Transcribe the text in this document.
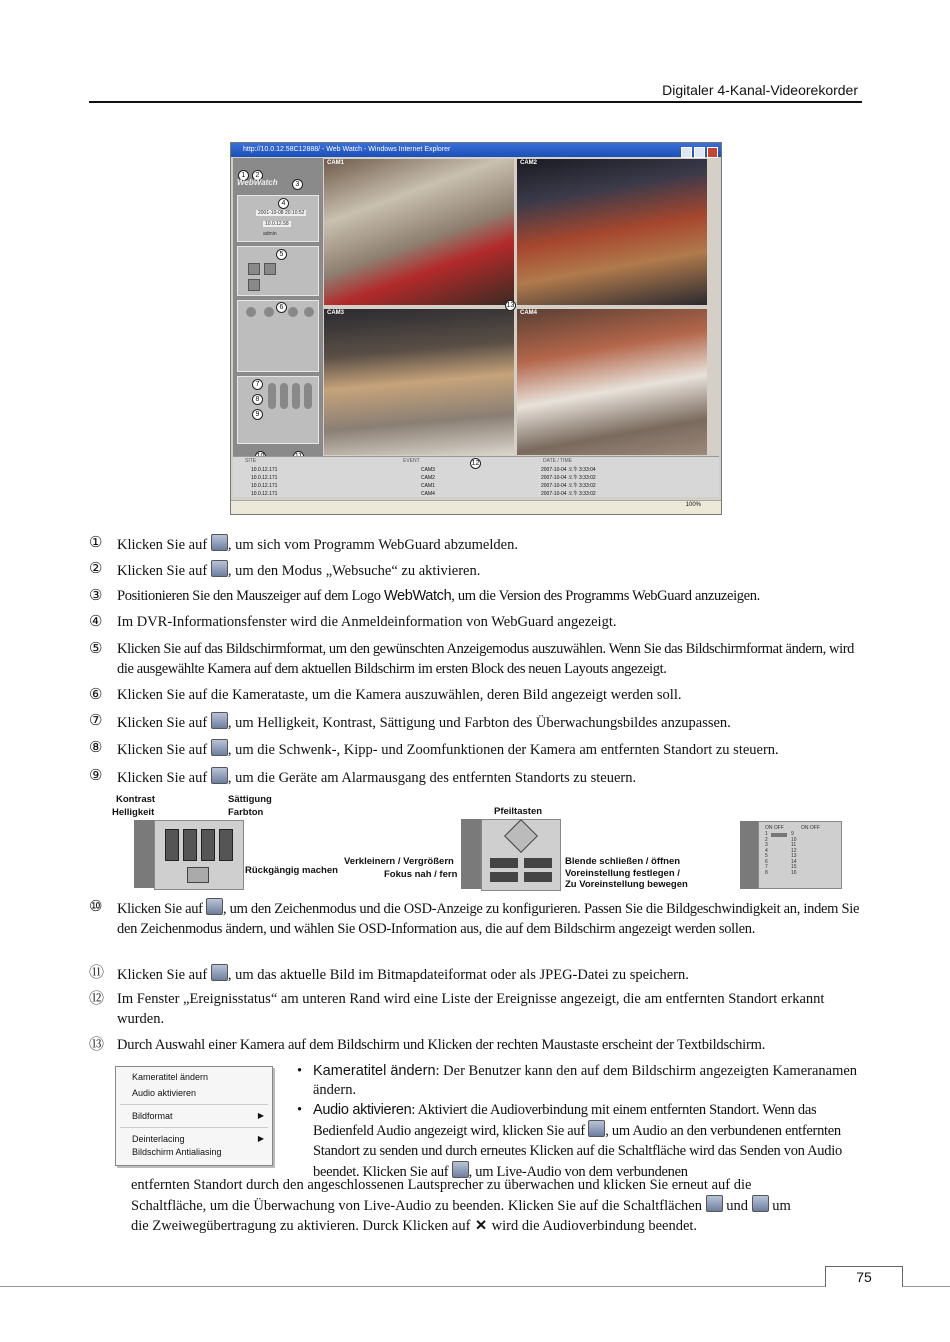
Digitaler 4-Kanal-Videorekorder
http://10.0.12.58C12888/ - Web Watch - Windows Internet Explorer
1	2
WebWatch	3
4
2001-10-08 20:10:52
10.0.12.58
admin
5
6
7
8
9
CAM1	CAM2
CAM3	CAM4
13
SITE	EVENT	DATE / TIME
12
10.0.12.171	CAM3	2007-10-04 오후 3:33:04
10.0.12.171	CAM2	2007-10-04 오후 3:33:02
10.0.12.171	CAM1	2007-10-04 오후 3:33:02
10.0.12.171	CAM4	2007-10-04 오후 3:33:02
100%
①	Klicken Sie auf , um sich vom Programm WebGuard abzumelden.
②	Klicken Sie auf , um den Modus „Websuche“ zu aktivieren.
③	Positionieren Sie den Mauszeiger auf dem Logo WebWatch, um die Version des Programms WebGuard anzuzeigen.
④	Im DVR-Informationsfenster wird die Anmeldeinformation von WebGuard angezeigt.
⑤	Klicken Sie auf das Bildschirmformat, um den gewünschten Anzeigemodus auszuwählen. Wenn Sie das Bildschirmformat ändern, wird die ausgewählte Kamera auf dem aktuellen Bildschirm im ersten Block des neuen Layouts angezeigt.
⑥	Klicken Sie auf die Kamerataste, um die Kamera auszuwählen, deren Bild angezeigt werden soll.
⑦	Klicken Sie auf , um Helligkeit, Kontrast, Sättigung und Farbton des Überwachungsbildes anzupassen.
⑧	Klicken Sie auf , um die Schwenk-, Kipp- und Zoomfunktionen der Kamera am entfernten Standort zu steuern.
⑨	Klicken Sie auf , um die Geräte am Alarmausgang des entfernten Standorts zu steuern.
Kontrast
Helligkeit
Sättigung
Farbton
Rückgängig machen
Pfeiltasten
Verkleinern / Vergrößern
Fokus nah / fern
Blende schließen / öffnen
Voreinstellung festlegen /
Zu Voreinstellung bewegen
ON OFF	ON OFF
1
2
3
4
5
6
7
8
9
10
11
12
13
14
15
16
⑩	Klicken Sie auf , um den Zeichenmodus und die OSD-Anzeige zu konfigurieren. Passen Sie die Bildgeschwindigkeit an, indem Sie den Zeichenmodus ändern, und wählen Sie OSD-Information aus, die auf dem Bildschirm angezeigt werden sollen.
⑪ Klicken Sie auf , um das aktuelle Bild im Bitmapdateiformat oder als JPEG-Datei zu speichern.
⑫ Im Fenster „Ereignisstatus“ am unteren Rand wird eine Liste der Ereignisse angezeigt, die am entfernten Standort erkannt wurden.
⑬ Durch Auswahl einer Kamera auf dem Bildschirm und Klicken der rechten Maustaste erscheint der Textbildschirm.
Kameratitel ändern
Audio aktivieren
Bildformat	▶
Deinterlacing	▶
Bildschirm Antialiasing
• Kameratitel ändern: Der Benutzer kann den auf dem Bildschirm angezeigten Kameranamen ändern.
• Audio aktivieren: Aktiviert die Audioverbindung mit einem entfernten Standort. Wenn das Bedienfeld Audio angezeigt wird, klicken Sie auf , um Audio an den verbundenen entfernten Standort zu senden und durch erneutes Klicken auf die Schaltfläche wird das Senden von Audio beendet. Klicken Sie auf , um Live-Audio von dem verbundenen
entfernten Standort durch den angeschlossenen Lautsprecher zu überwachen und klicken Sie erneut auf die
Schaltfläche, um die Überwachung von Live-Audio zu beenden. Klicken Sie auf die Schaltflächen  und  um
die Zweiwegübertragung zu aktivieren. Durck Klicken auf ✕ wird die Audioverbindung beendet.
75
